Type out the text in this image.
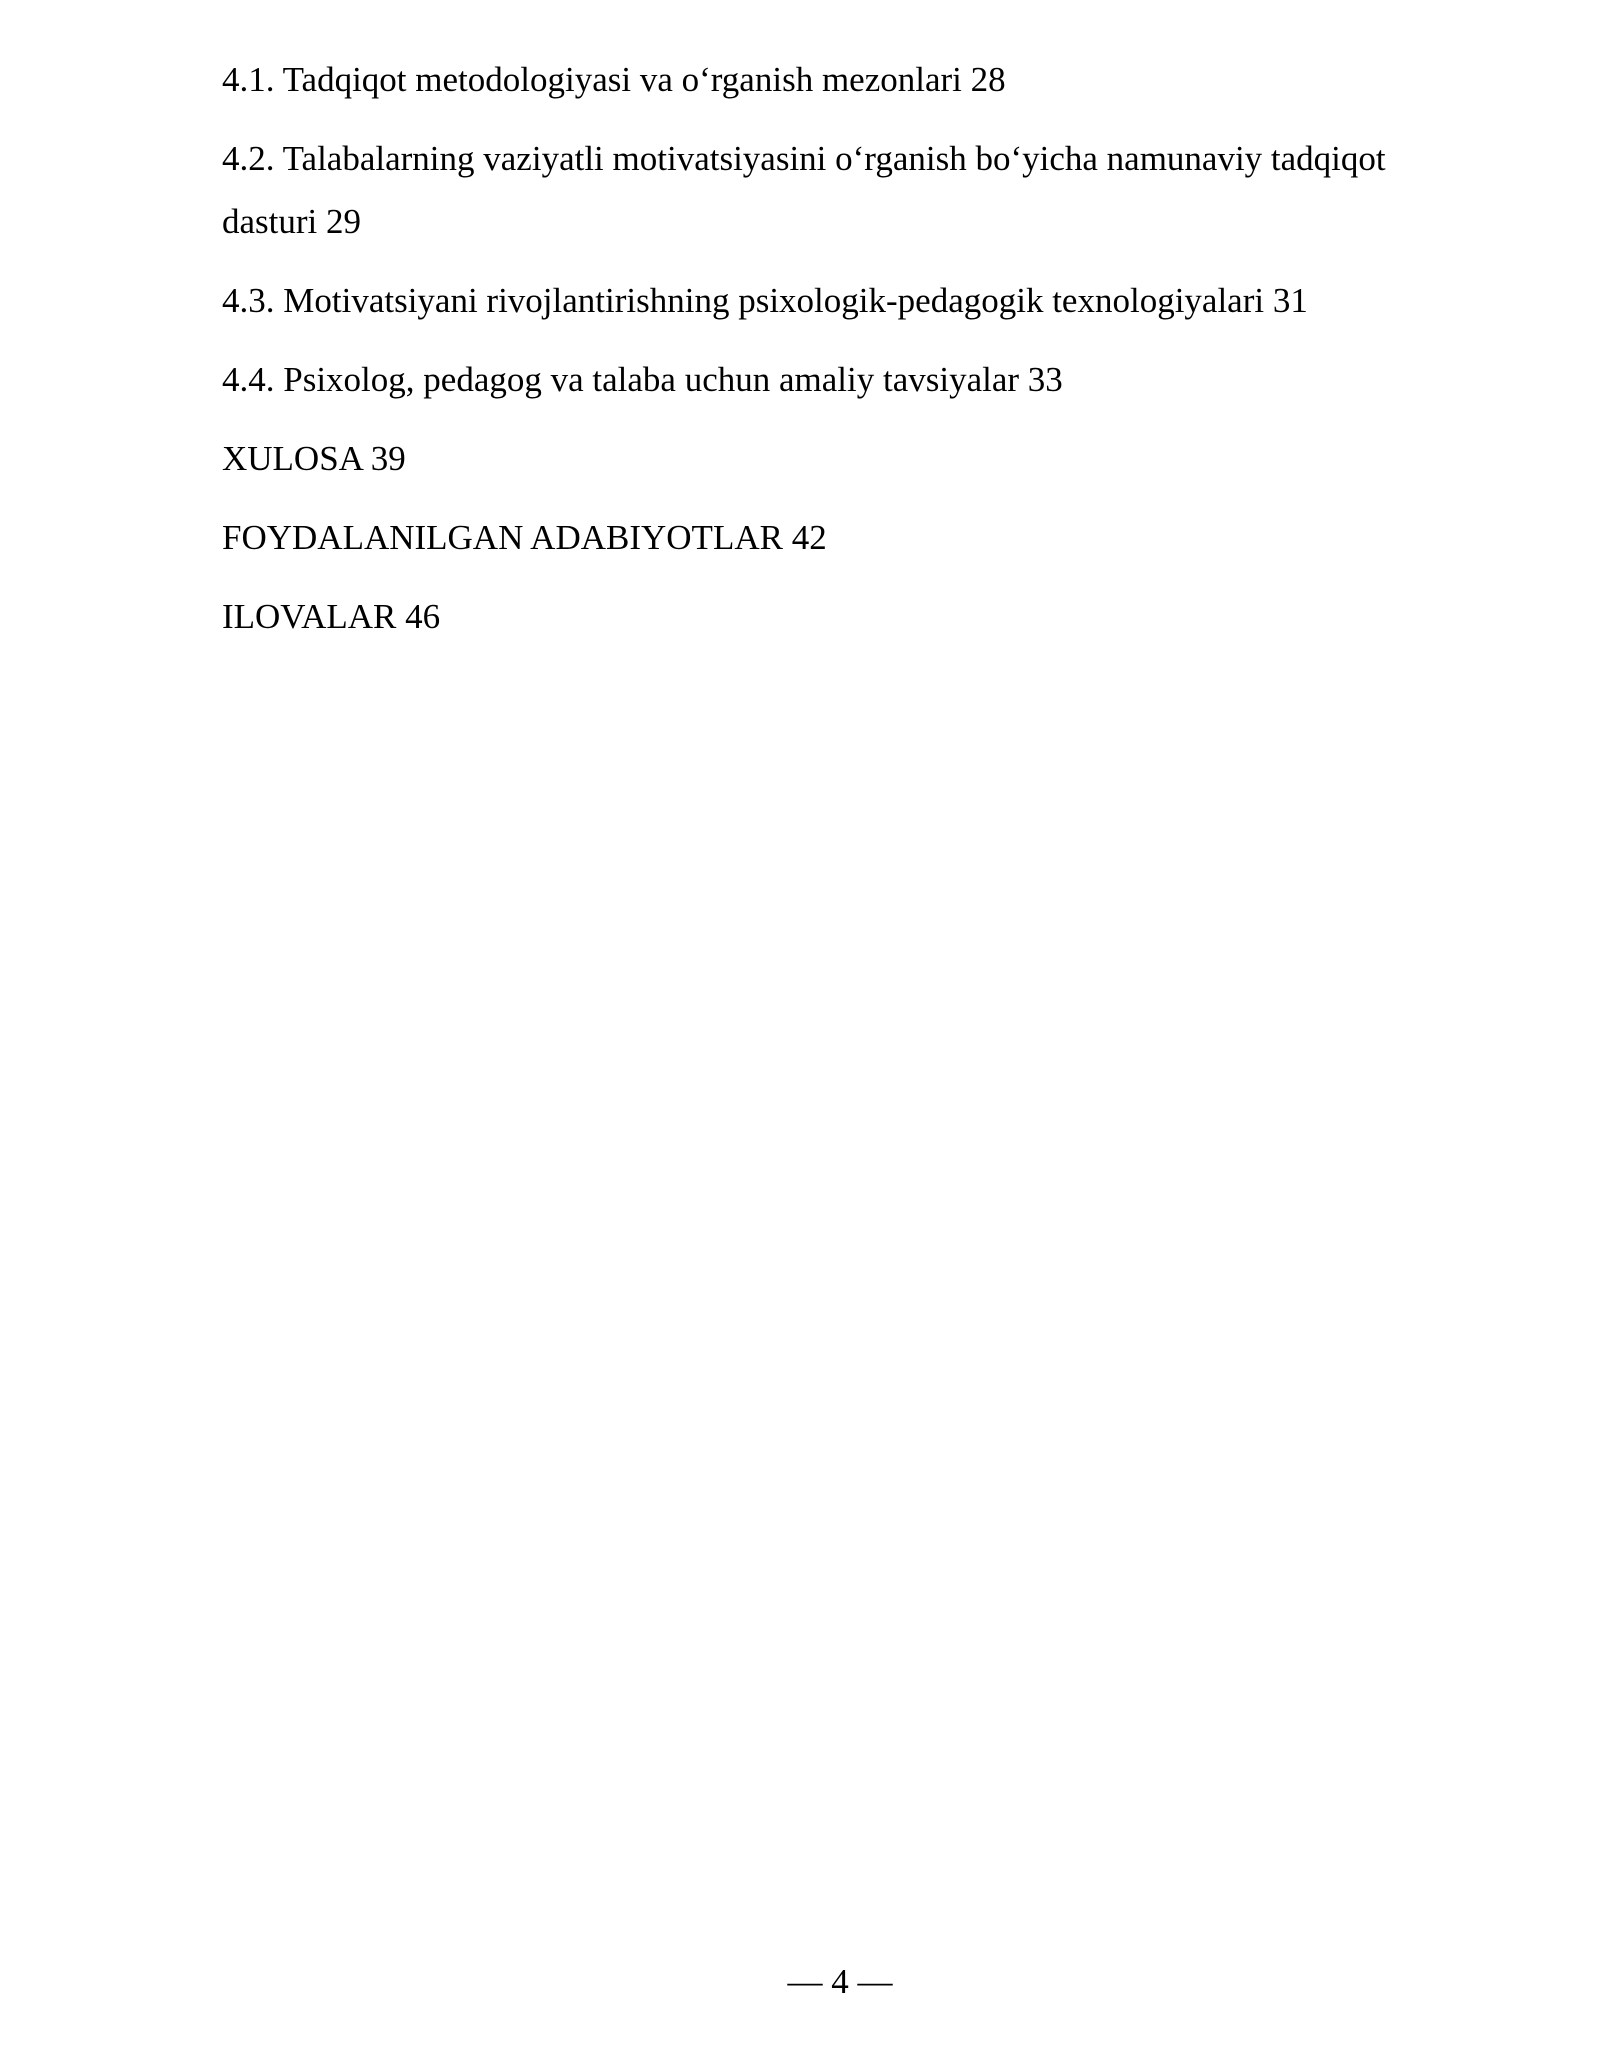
4.1. Tadqiqot metodologiyasi va o‘rganish mezonlari 28
4.2. Talabalarning vaziyatli motivatsiyasini o‘rganish bo‘yicha namunaviy tadqiqot dasturi 29
4.3. Motivatsiyani rivojlantirishning psixologik-pedagogik texnologiyalari 31
4.4. Psixolog, pedagog va talaba uchun amaliy tavsiyalar 33
XULOSA 39
FOYDALANILGAN ADABIYOTLAR 42
ILOVALAR 46
— 4 —
